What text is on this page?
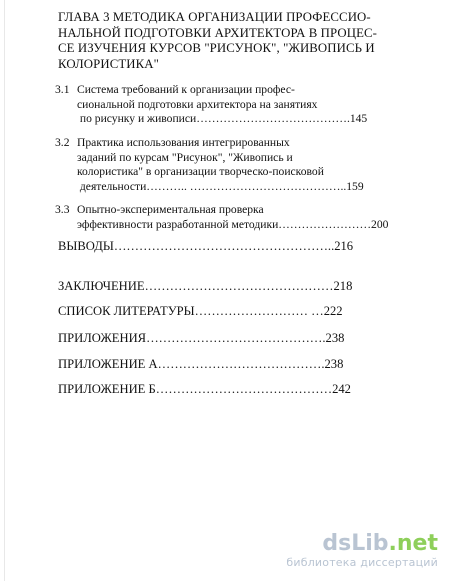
ГЛАВА 3 МЕТОДИКА ОРГАНИЗАЦИИ ПРОФЕССИО-
НАЛЬНОЙ ПОДГОТОВКИ АРХИТЕКТОРА В ПРОЦЕС-
СЕ ИЗУЧЕНИЯ КУРСОВ "РИСУНОК", "ЖИВОПИСЬ И
КОЛОРИСТИКА"
3.1 Система требований к организации профес-
сиональной подготовки архитектора на занятиях
по рисунку и живописи………………………………….145
3.2 Практика использования интегрированных
заданий по курсам "Рисунок", "Живопись и
колористика" в организации творческо-поисковой
деятельности……….. …………………………………..159
3.3 Опытно-экспериментальная проверка
эффективности разработанной методики……………………200
ВЫВОДЫ……………………………………………..216
ЗАКЛЮЧЕНИЕ………………………………………218
СПИСОК ЛИТЕРАТУРЫ……………………… …222
ПРИЛОЖЕНИЯ…………………………………….238
ПРИЛОЖЕНИЕ А………………………………….238
ПРИЛОЖЕНИЕ Б……………………………………242
dsLib.net
библиотека диссертаций
